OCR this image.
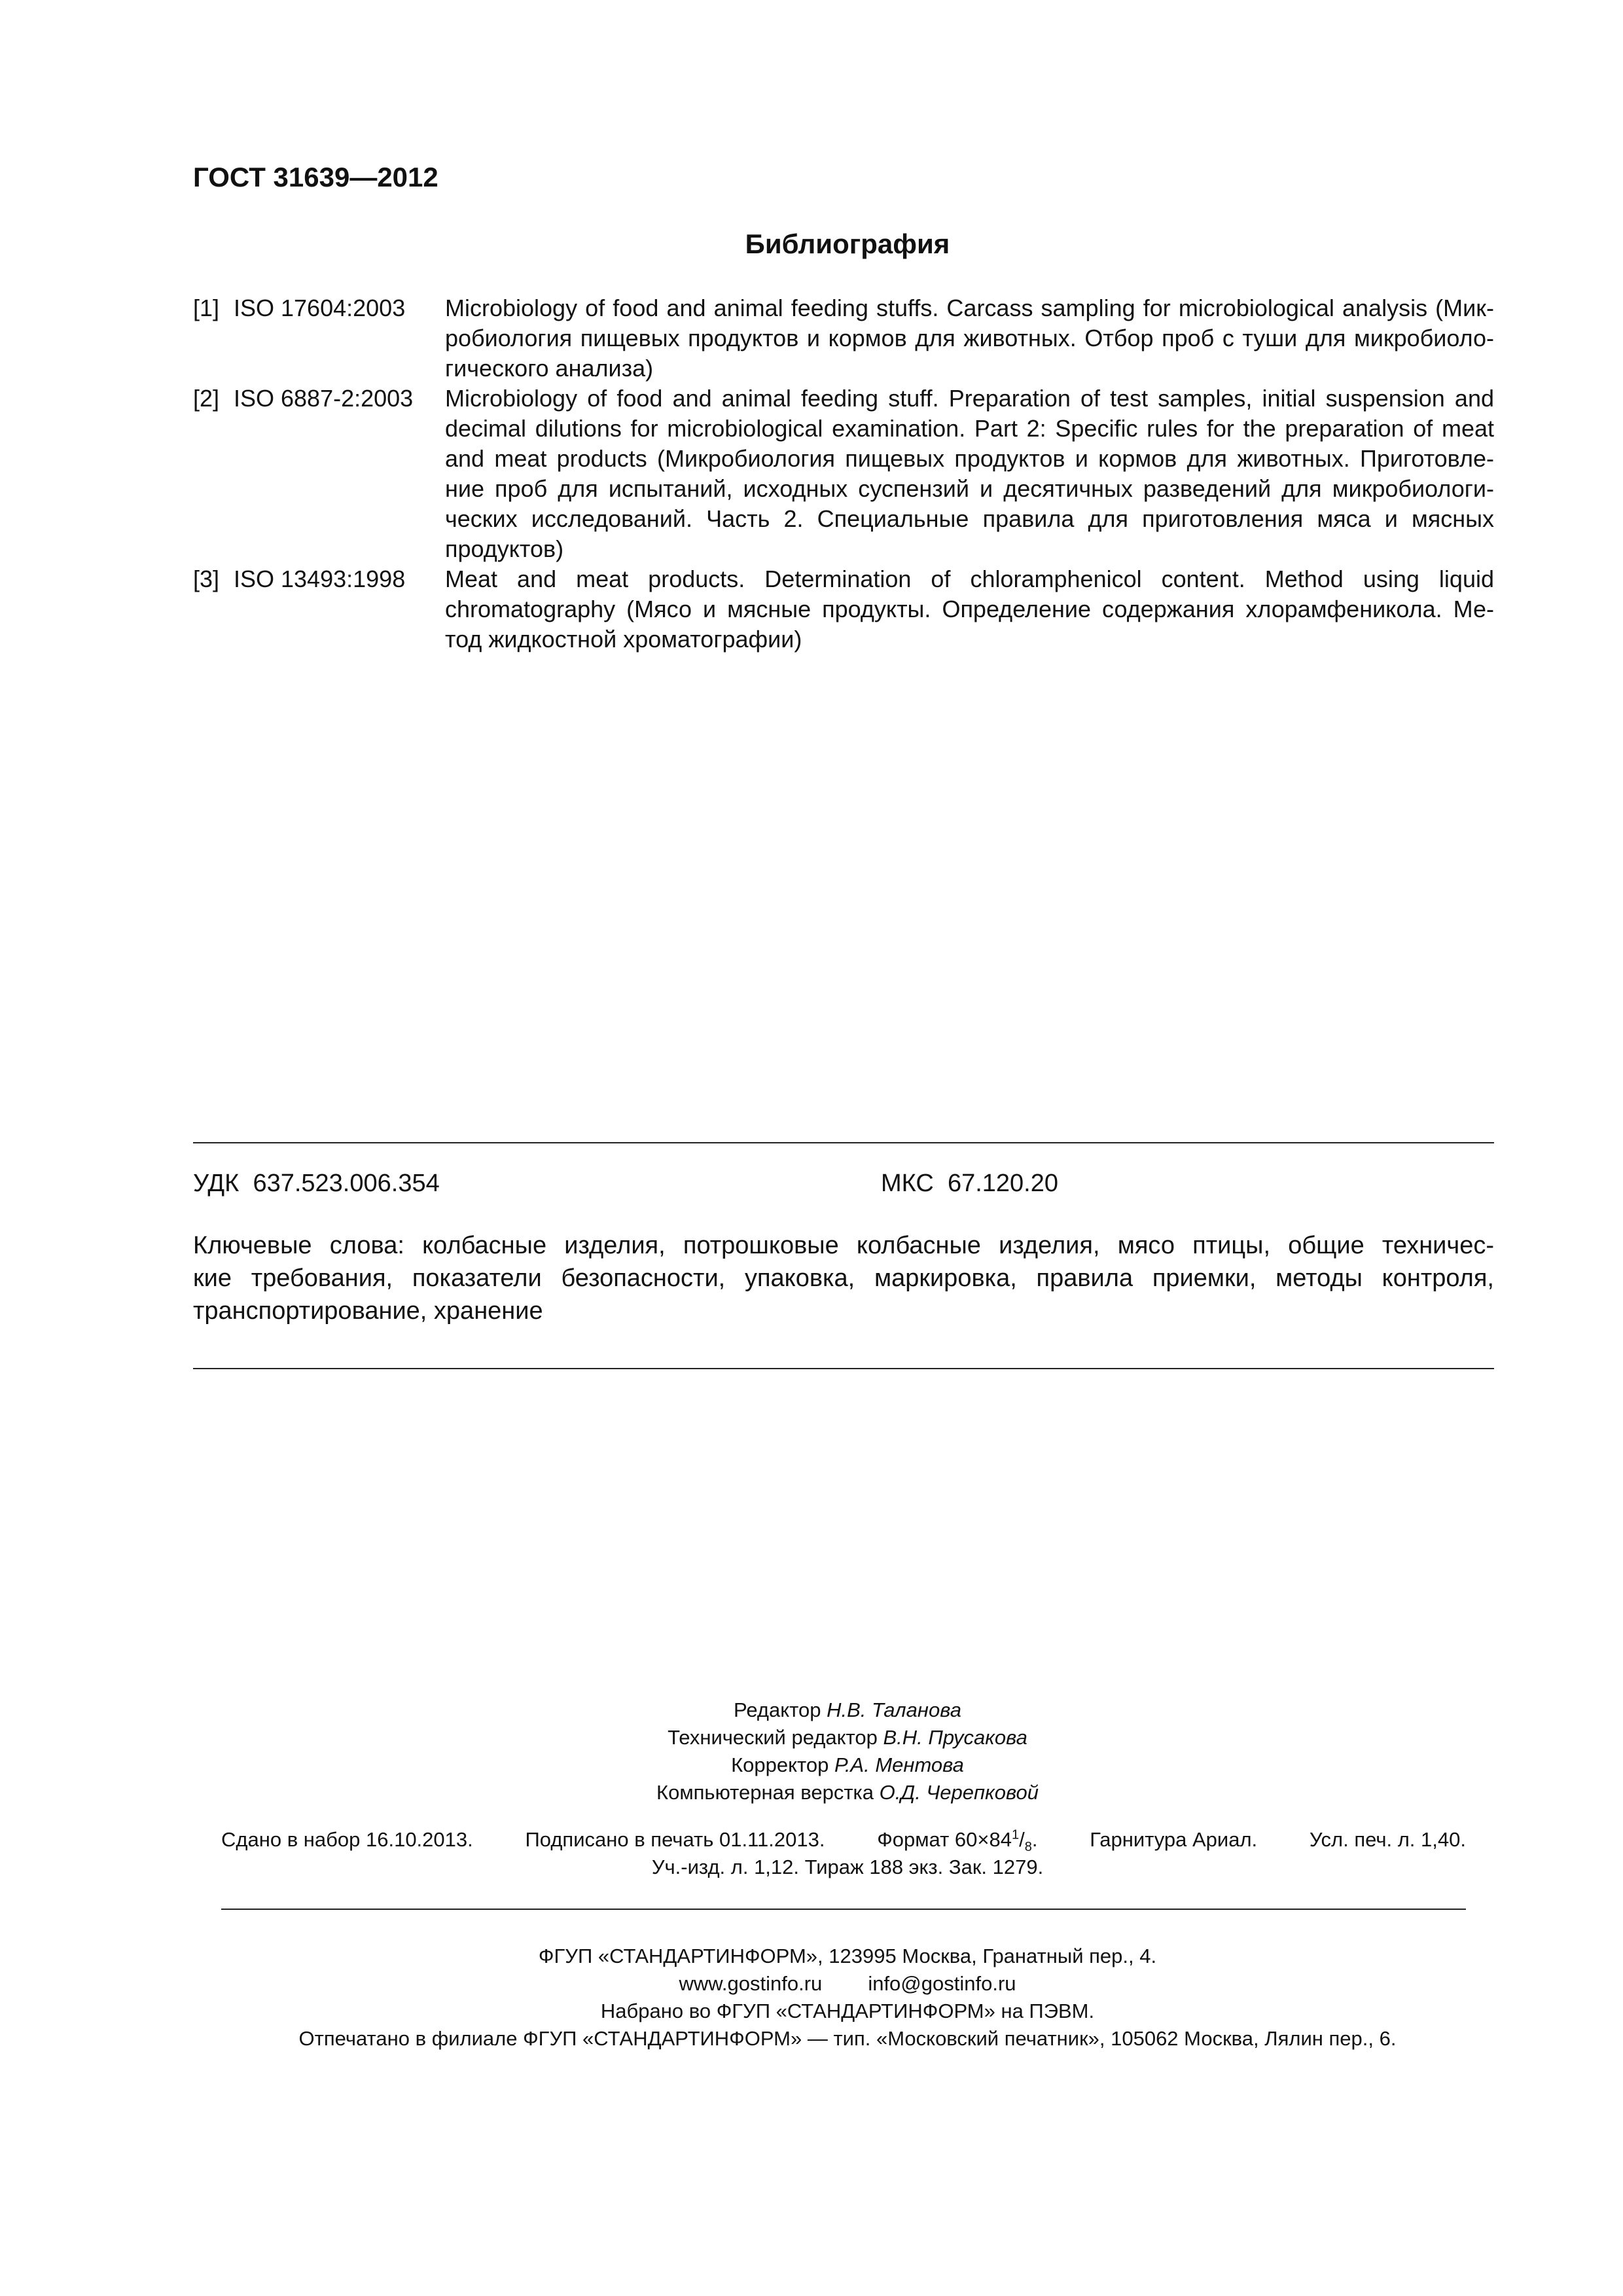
ГОСТ 31639—2012
Библиография
[1] ISO 17604:2003 Microbiology of food and animal feeding stuffs. Carcass sampling for microbiological analysis (Мик-
робиология пищевых продуктов и кормов для животных. Отбор проб с туши для микробиоло-
гического анализа)
[2] ISO 6887-2:2003 Microbiology of food and animal feeding stuff. Preparation of test samples, initial suspension and
decimal dilutions for microbiological examination. Part 2: Specific rules for the preparation of meat
and meat products (Микробиология пищевых продуктов и кормов для животных. Приготовле-
ние проб для испытаний, исходных суспензий и десятичных разведений для микробиологи-
ческих исследований. Часть 2. Специальные правила для приготовления мяса и мясных
продуктов)
[3] ISO 13493:1998 Meat and meat products. Determination of chloramphenicol content. Method using liquid
chromatography (Мясо и мясные продукты. Определение содержания хлорамфеникола. Ме-
тод жидкостной хроматографии)
УДК 637.523.006.354	МКС 67.120.20
Ключевые слова: колбасные изделия, потрошковые колбасные изделия, мясо птицы, общие техничес-
кие требования, показатели безопасности, упаковка, маркировка, правила приемки, методы контроля,
транспортирование, хранение
Редактор Н.В. Таланова
Технический редактор В.Н. Прусакова
Корректор Р.А. Ментова
Компьютерная верстка О.Д. Черепковой
Сдано в набор 16.10.2013.	Подписано в печать 01.11.2013.	Формат $60\times 84^1/_8$.	Гарнитура Ариал.	Усл. печ. л. 1,40.
Уч.-изд. л. 1,12. Тираж 188 экз. Зак. 1279.
ФГУП «СТАНДАРТИНФОРМ», 123995 Москва, Гранатный пер., 4.
www.gostinfo.ru info@gostinfo.ru
Набрано во ФГУП «СТАНДАРТИНФОРМ» на ПЭВМ.
Отпечатано в филиале ФГУП «СТАНДАРТИНФОРМ» — тип. «Московский печатник», 105062 Москва, Лялин пер., 6.
